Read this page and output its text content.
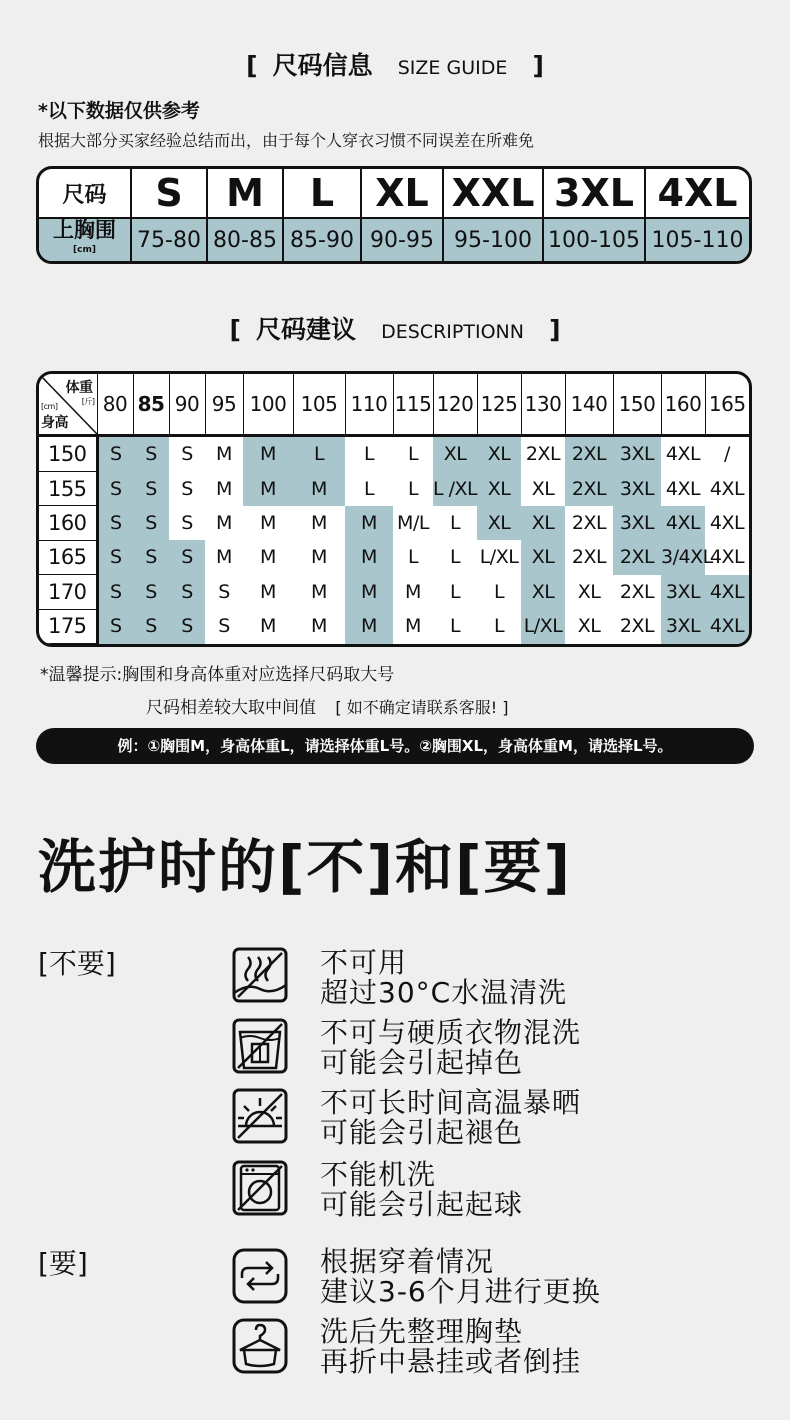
[ 尺码信息 SIZE GUIDE ]
*以下数据仅供参考
根据大部分买家经验总结而出，由于每个人穿衣习惯不同误差在所难免
尺码	S	M	L	XL	XXL	3XL	4XL
上胸围
[cm]	75-80	80-85	85-90	90-95	95-100	100-105	105-110
[ 尺码建议 DESCRIPTIONN ]
体重
[斤]
[cm]
身高	80	85	90	95	100	105	110	115	120	125	130	140	150	160	165
150	S	S	S	M	M	L	L	L	XL	XL	2XL	2XL	3XL	4XL	/
155	S	S	S	M	M	M	L	L	L /XL	XL	XL	2XL	3XL	4XL	4XL
160	S	S	S	M	M	M	M	M/L	L	XL	XL	2XL	3XL	4XL	4XL
165	S	S	S	M	M	M	M	L	L	L/XL	XL	2XL	2XL	3/4XL	4XL
170	S	S	S	S	M	M	M	M	L	L	XL	XL	2XL	3XL	4XL
175	S	S	S	S	M	M	M	M	L	L	L/XL	XL	2XL	3XL	4XL
*温馨提示:胸围和身高体重对应选择尺码取大号
尺码相差较大取中间值 [ 如不确定请联系客服! ]
例：①胸围M，身高体重L，请选择体重L号。②胸围XL，身高体重M，请选择L号。
洗护时的[不]和[要]
[不要]
[要]
不可用
超过30°C水温清洗
不可与硬质衣物混洗
可能会引起掉色
不可长时间高温暴晒
可能会引起褪色
不能机洗
可能会引起起球
根据穿着情况
建议3-6个月进行更换
洗后先整理胸垫
再折中悬挂或者倒挂
